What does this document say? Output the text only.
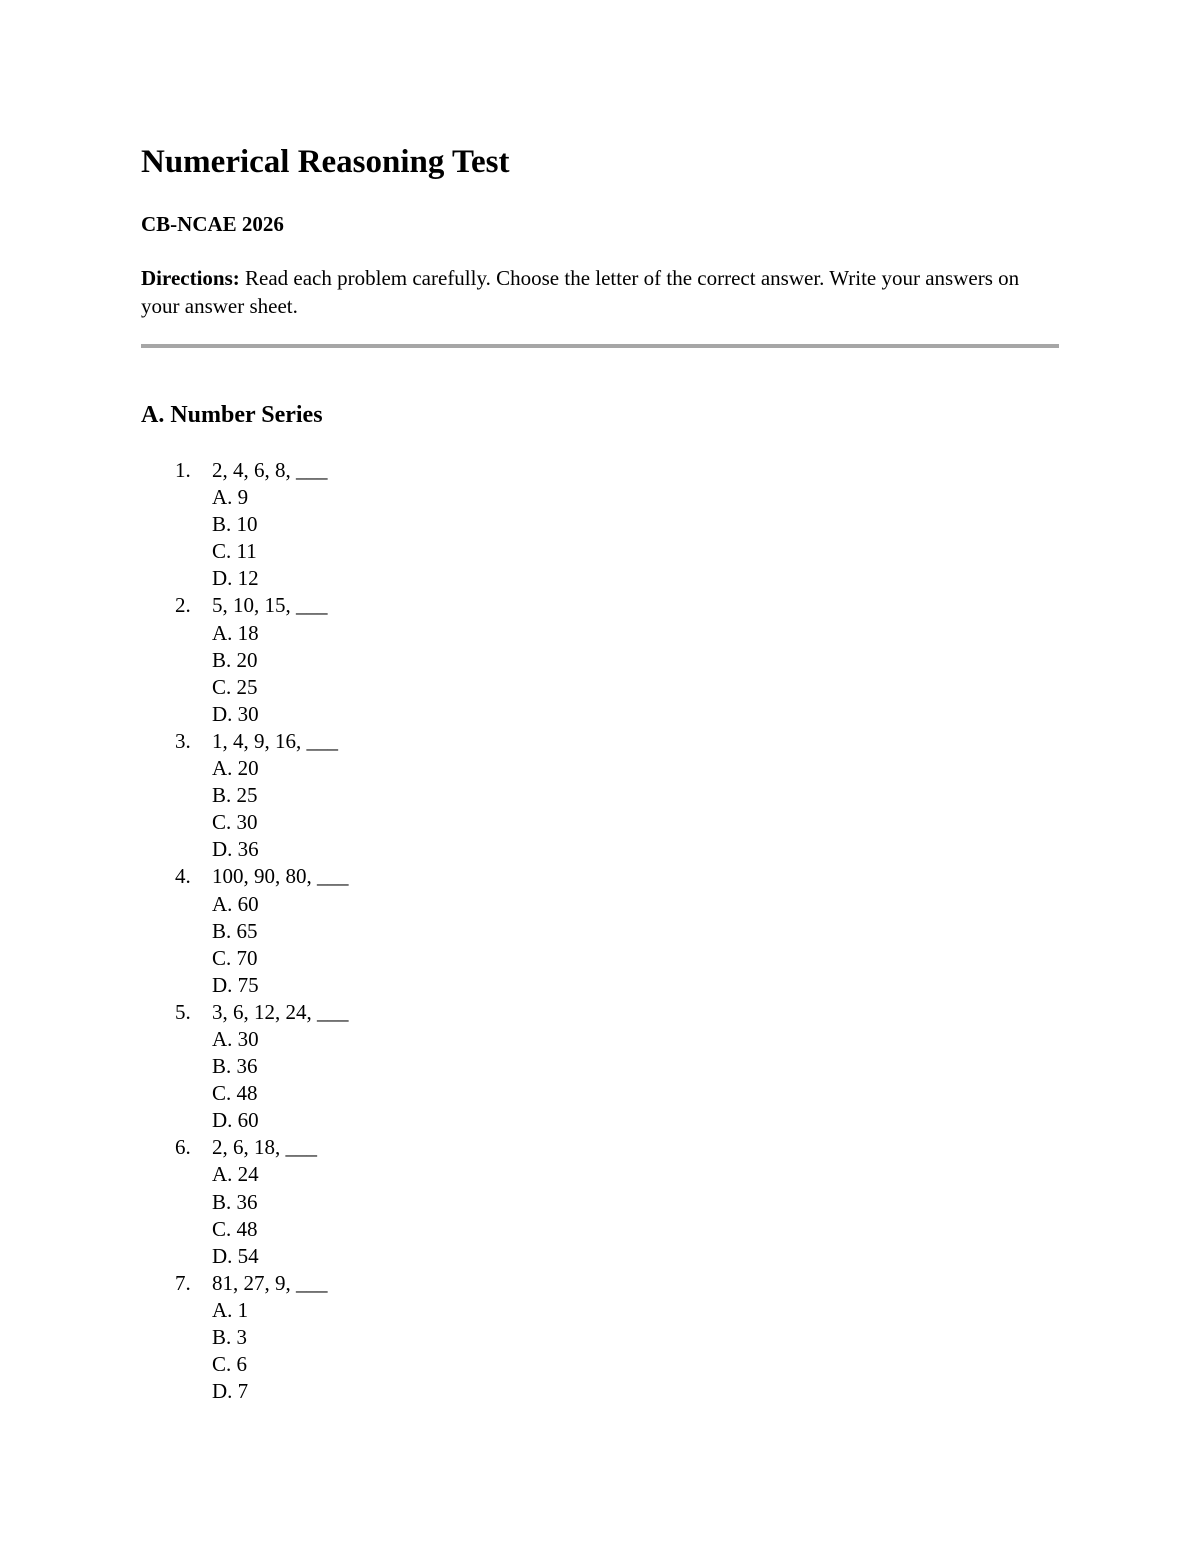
Numerical Reasoning Test

CB-NCAE 2026

Directions: Read each problem carefully. Choose the letter of the correct answer. Write your answers on your answer sheet.

A. Number Series
1. 2, 4, 6, 8, ___
A. 9
B. 10
C. 11
D. 12
2. 5, 10, 15, ___
A. 18
B. 20
C. 25
D. 30
3. 1, 4, 9, 16, ___
A. 20
B. 25
C. 30
D. 36
4. 100, 90, 80, ___
A. 60
B. 65
C. 70
D. 75
5. 3, 6, 12, 24, ___
A. 30
B. 36
C. 48
D. 60
6. 2, 6, 18, ___
A. 24
B. 36
C. 48
D. 54
7. 81, 27, 9, ___
A. 1
B. 3
C. 6
D. 7
